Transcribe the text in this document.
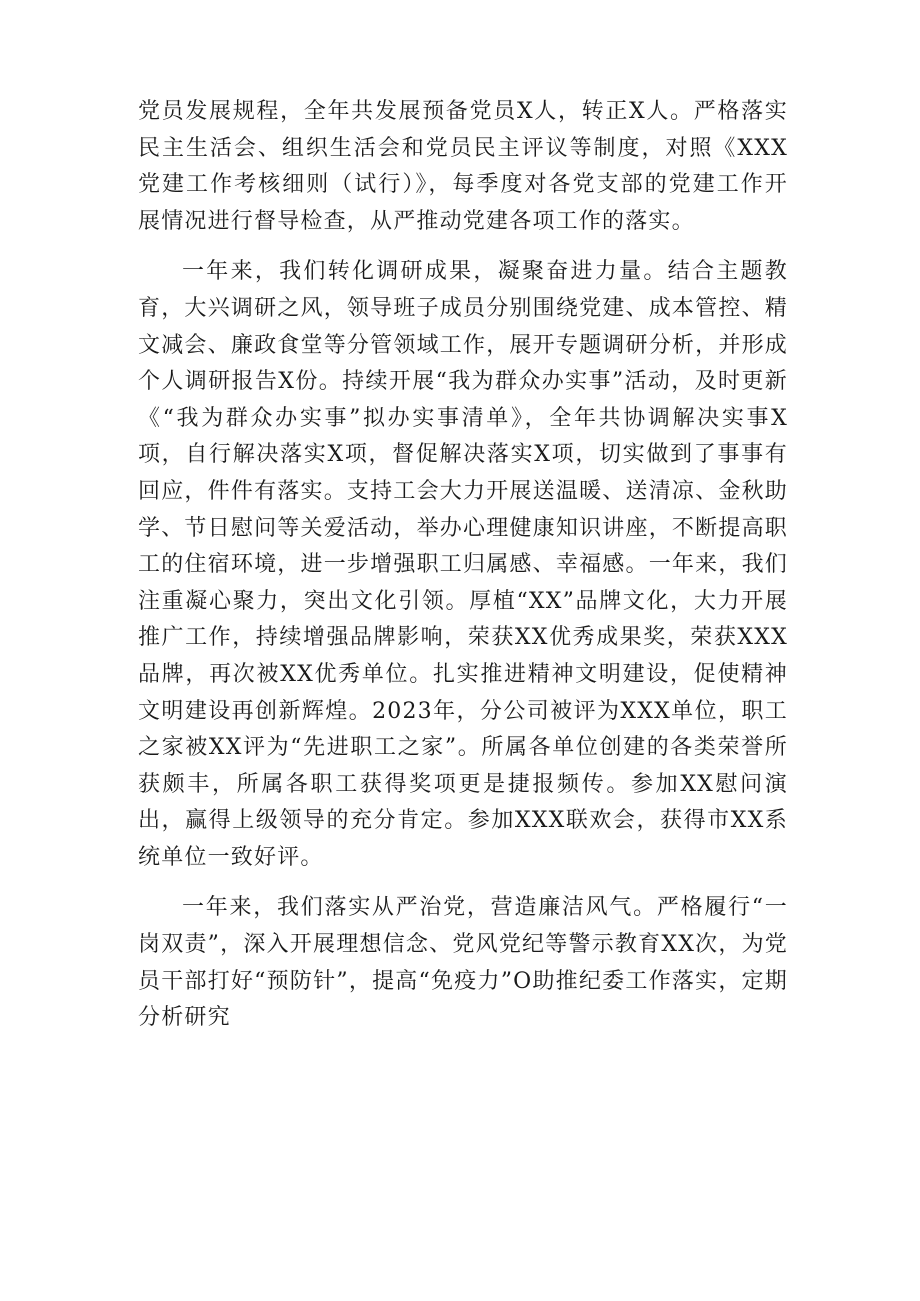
党员发展规程，全年共发展预备党员X人，转正X人。严格落实民主生活会、组织生活会和党员民主评议等制度，对照《XXX党建工作考核细则（试行）》，每季度对各党支部的党建工作开展情况进行督导检查，从严推动党建各项工作的落实。

一年来，我们转化调研成果，凝聚奋进力量。结合主题教育，大兴调研之风，领导班子成员分别围绕党建、成本管控、精文减会、廉政食堂等分管领域工作，展开专题调研分析，并形成个人调研报告X份。持续开展“我为群众办实事”活动，及时更新《“我为群众办实事”拟办实事清单》，全年共协调解决实事X项，自行解决落实X项，督促解决落实X项，切实做到了事事有回应，件件有落实。支持工会大力开展送温暖、送清凉、金秋助学、节日慰问等关爱活动，举办心理健康知识讲座，不断提高职工的住宿环境，进一步增强职工归属感、幸福感。一年来，我们注重凝心聚力，突出文化引领。厚植“XX”品牌文化，大力开展推广工作，持续增强品牌影响，荣获XX优秀成果奖，荣获XXX品牌，再次被XX优秀单位。扎实推进精神文明建设，促使精神文明建设再创新辉煌。2023年，分公司被评为XXX单位，职工之家被XX评为“先进职工之家”。所属各单位创建的各类荣誉所获颇丰，所属各职工获得奖项更是捷报频传。参加XX慰问演出，赢得上级领导的充分肯定。参加XXX联欢会，获得市XX系统单位一致好评。

一年来，我们落实从严治党，营造廉洁风气。严格履行“一岗双责”，深入开展理想信念、党风党纪等警示教育XX次，为党员干部打好“预防针”，提高“免疫力”O助推纪委工作落实，定期分析研究
